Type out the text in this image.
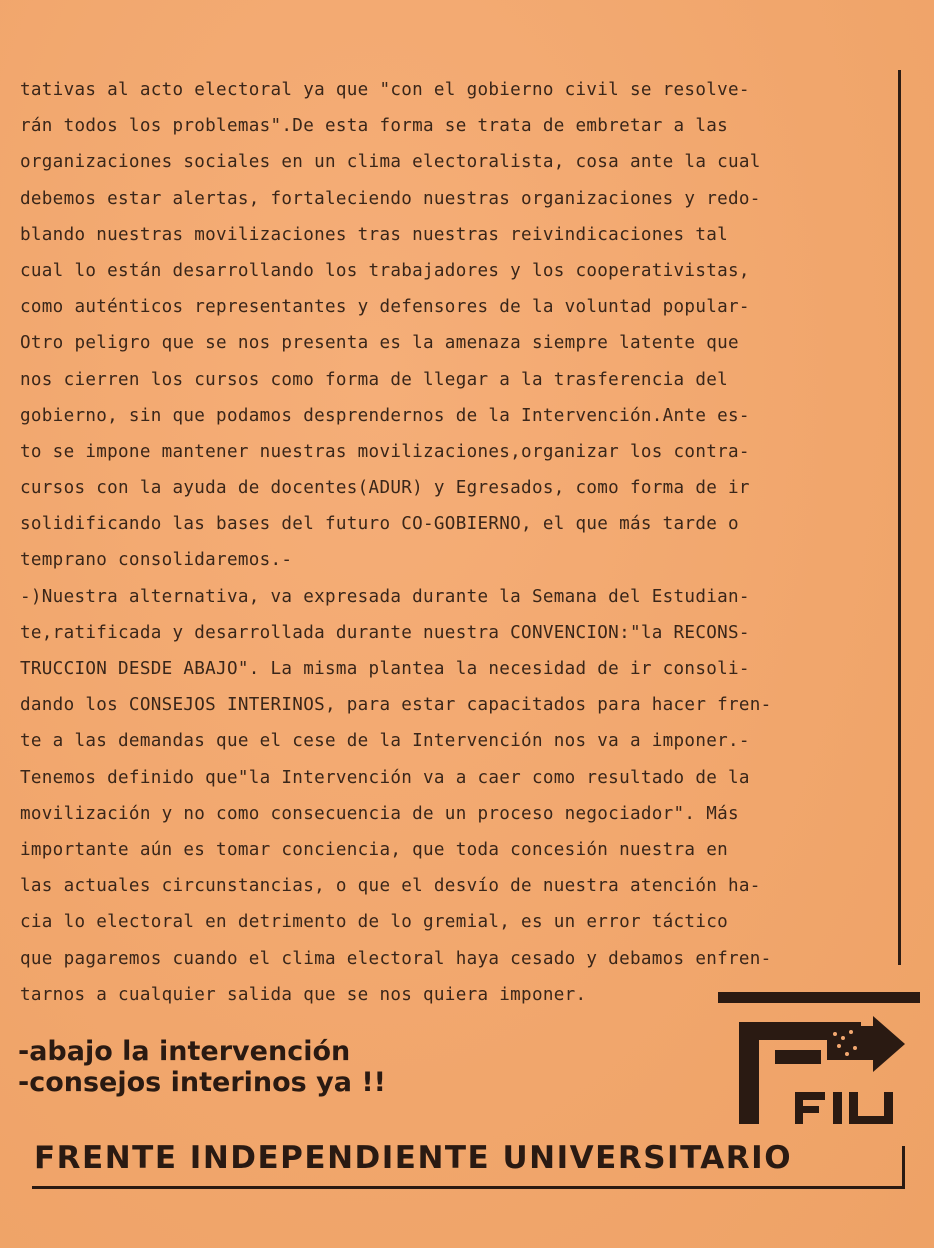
tativas al acto electoral ya que "con el gobierno civil se resolve-
rán todos los problemas".De esta forma se trata de embretar a las
organizaciones sociales en un clima electoralista, cosa ante la cual
debemos estar alertas, fortaleciendo nuestras organizaciones y redo-
blando nuestras movilizaciones tras nuestras reivindicaciones tal
cual lo están desarrollando los trabajadores y los cooperativistas,
como auténticos representantes y defensores de la voluntad popular-
Otro peligro que se nos presenta es la amenaza siempre latente que
nos cierren los cursos como forma de llegar a la trasferencia del
gobierno, sin que podamos desprendernos de la Intervención.Ante es-
to se impone mantener nuestras movilizaciones,organizar los contra-
cursos con la ayuda de docentes(ADUR) y Egresados, como forma de ir
solidificando las bases del futuro CO-GOBIERNO, el que más tarde o
temprano consolidaremos.-
-)Nuestra alternativa, va expresada durante la Semana del Estudian-
te,ratificada y desarrollada durante nuestra CONVENCION:"la RECONS-
TRUCCION DESDE ABAJO". La misma plantea la necesidad de ir consoli-
dando los CONSEJOS INTERINOS, para estar capacitados para hacer fren-
te a las demandas que el cese de la Intervención nos va a imponer.-
Tenemos definido que"la Intervención va a caer como resultado de la
movilización y no como consecuencia de un proceso negociador". Más
importante aún es tomar conciencia, que toda concesión nuestra en
las actuales circunstancias, o que el desvío de nuestra atención ha-
cia lo electoral en detrimento de lo gremial, es un error táctico
que pagaremos cuando el clima electoral haya cesado y debamos enfren-
tarnos a cualquier salida que se nos quiera imponer.
-abajo la intervención
-consejos interinos ya !!
FRENTE INDEPENDIENTE UNIVERSITARIO
